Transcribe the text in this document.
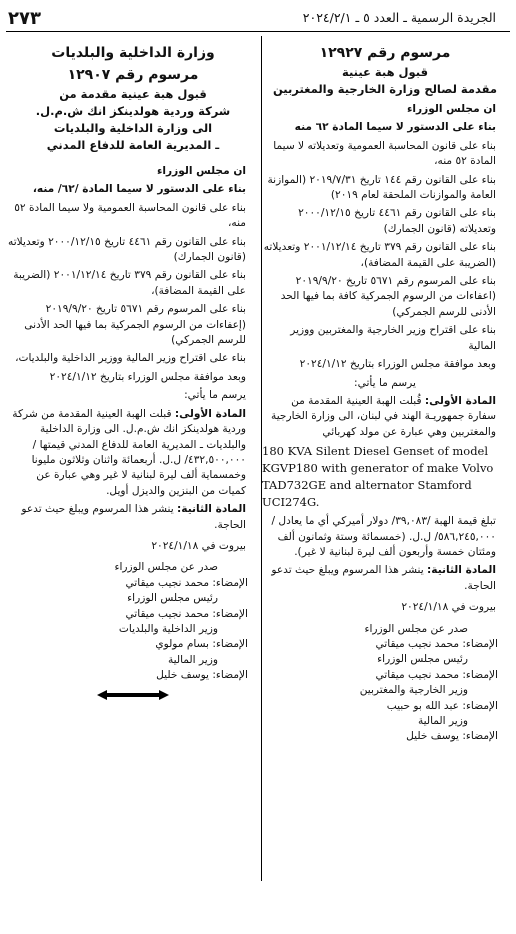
الجريدة الرسمية ـ العدد ٥ ـ ٢٠٢٤/٢/١
٢٧٣
مرسوم رقم ١٢٩٢٧
قبول هبة عينية
مقدمة لصالح وزارة الخارجية والمغتربين

ان مجلس الوزراء

بناء على الدستور لا سيما المادة ٦٢ منه

بناء على قانون المحاسبة العمومية وتعديلاته لا سيما المادة ٥٢ منه،

بناء على القانون رقم ١٤٤ تاريخ ٢٠١٩/٧/٣١ (الموازنة العامة والموازنات الملحقة لعام ٢٠١٩)

بناء على القانون رقم ٤٤٦١ تاريخ ٢٠٠٠/١٢/١٥ وتعديلاته (قانون الجمارك)

بناء على القانون رقم ٣٧٩ تاريخ ٢٠٠١/١٢/١٤ وتعديلاته (الضريبة على القيمة المضافة)،

بناء على المرسوم رقم ٥٦٧١ تاريخ ٢٠١٩/٩/٢٠ (اعفاءات من الرسوم الجمركية كافة بما فيها الحد الأدنى للرسم الجمركي)

بناء على اقتراح وزير الخارجية والمغتربين ووزير المالية

وبعد موافقة مجلس الوزراء بتاريخ ٢٠٢٤/١/١٢

يرسم ما يأتي:

المادة الأولى: قُبلت الهبة العينية المقدمة من سفارة جمهوريـة الهند في لبنان، الى وزارة الخارجية والمغتربين وهي عبارة عن مولد كهربائي

180 KVA Silent Diesel Genset of model KGVP180 with generator of make Volvo TAD732GE and alternator Stamford UCI274G.

تبلغ قيمة الهبة /٣٩,٠٨٣/ دولار أميركي أي ما يعادل /٥٨٦,٢٤٥,٠٠٠/ ل.ل. (خمسمائة وستة وثمانون ألف ومئتان خمسة وأربعون ألف ليرة لبنانية لا غير).

المادة الثانية: ينشر هذا المرسوم ويبلغ حيث تدعو الحاجة.

بيروت في ٢٠٢٤/١/١٨

صدر عن مجلس الوزراء

الإمضاء: محمد نجيب ميقاتي

رئيس مجلس الوزراء

الإمضاء: محمد نجيب ميقاتي

وزير الخارجية والمغتربين

الإمضاء: عبد الله بو حبيب

وزير المالية

الإمضاء: يوسف خليل

وزارة الداخلية والبلديات
مرسوم رقم ١٢٩٠٧
قبول هبة عينية مقدمة من
شركة وردية هولدينكز انك ش.م.ل.
الى وزارة الداخلية والبلديات
ـ المديرية العامة للدفاع المدني

ان مجلس الوزراء

بناء على الدستور لا سيما المادة /٦٢/ منه،

بناء على قانون المحاسبة العمومية ولا سيما المادة ٥٢ منه،

بناء على القانون رقم ٤٤٦١ تاريخ ٢٠٠٠/١٢/١٥ وتعديلاته (قانون الجمارك)

بناء على القانون رقم ٣٧٩ تاريخ ٢٠٠١/١٢/١٤ (الضريبة على القيمة المضافة)،

بناء على المرسوم رقم ٥٦٧١ تاريخ ٢٠١٩/٩/٢٠ (إعفاءات من الرسوم الجمركية بما فيها الحد الأدنى للرسم الجمركي)

بناء على اقتراح وزير المالية ووزير الداخلية والبلديات،

وبعد موافقة مجلس الوزراء بتاريخ ٢٠٢٤/١/١٢

يرسم ما يأتي:

المادة الأولى: قبلت الهبة العينية المقدمة من شركة وردية هولدينكز انك ش.م.ل. الى وزارة الداخلية والبلديات ـ المديرية العامة للدفاع المدني قيمتها /٤٣٢,٥٠٠,٠٠٠/ ل.ل. أربعمائة واثنان وثلاثون مليونا وخمسماية ألف ليرة لبنانية لا غير وهي عبارة عن كميات من البنزين والديزل أويل.

المادة الثانية: ينشر هذا المرسوم ويبلغ حيث تدعو الحاجة.

بيروت في ٢٠٢٤/١/١٨

صدر عن مجلس الوزراء

الإمضاء: محمد نجيب ميقاتي

رئيس مجلس الوزراء

الإمضاء: محمد نجيب ميقاتي

وزير الداخلية والبلديات

الإمضاء: بسام مولوي

وزير المالية

الإمضاء: يوسف خليل
